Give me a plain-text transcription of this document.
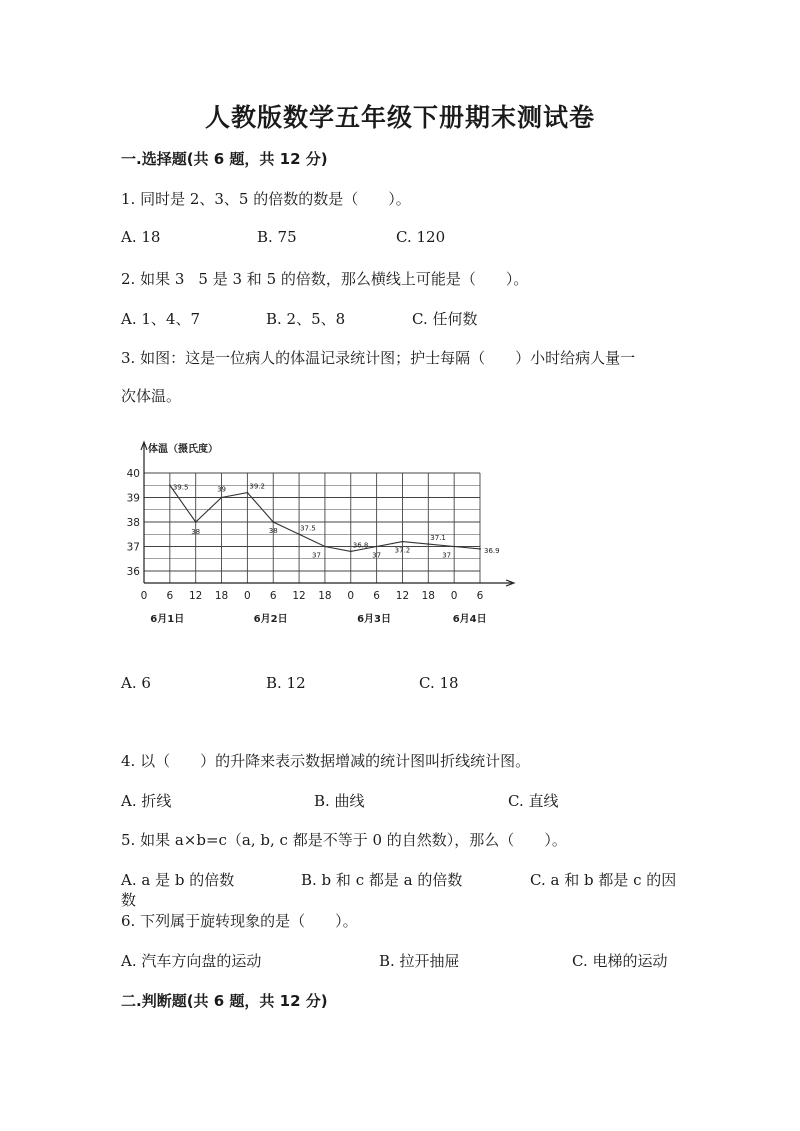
人教版数学五年级下册期末测试卷
一.选择题(共 6 题，共 12 分)
1. 同时是 2、3、5 的倍数的数是（ ）。
A. 18	B. 75	C. 120
2. 如果 3 5 是 3 和 5 的倍数，那么横线上可能是（ ）。
A. 1、4、7	B. 2、5、8	C. 任何数
3. 如图：这是一位病人的体温记录统计图；护士每隔（ ）小时给病人量一
次体温。
体温（摄氏度）
36
37
38
39
40
0 6 12 18 0 6 12 18 0 6 12 18 0 6
6月1日	6月2日	6月3日	6月4日
39.5
38
39	39.2
38	37.5
37
36.8
37
37.2
37.1
37
36.9
A. 6	B. 12	C. 18
4. 以（ ）的升降来表示数据增减的统计图叫折线统计图。
A. 折线	B. 曲线	C. 直线
5. 如果 a×b=c（a, b, c 都是不等于 0 的自然数），那么（ ）。
A. a 是 b 的倍数	B. b 和 c 都是 a 的倍数	C. a 和 b 都是 c 的因
数
6. 下列属于旋转现象的是（ ）。
A. 汽车方向盘的运动	B. 拉开抽屉	C. 电梯的运动
二.判断题(共 6 题，共 12 分)
